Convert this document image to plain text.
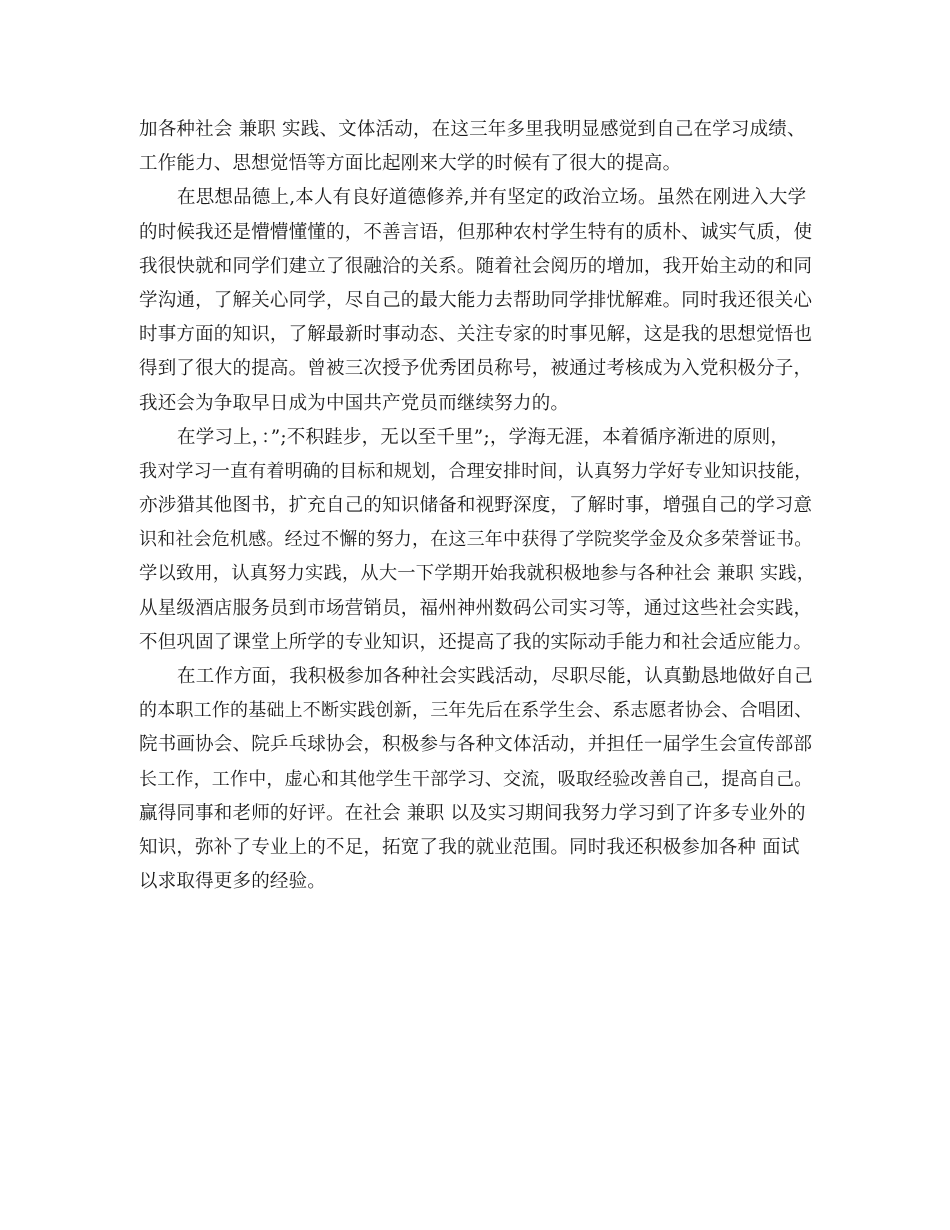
加各种社会 兼职 实践、文体活动，在这三年多里我明显感觉到自己在学习成绩、
工作能力、思想觉悟等方面比起刚来大学的时候有了很大的提高。
在思想品德上,本人有良好道德修养,并有坚定的政治立场。虽然在刚进入大学
的时候我还是懵懵懂懂的，不善言语，但那种农村学生特有的质朴、诚实气质，使
我很快就和同学们建立了很融洽的关系。随着社会阅历的增加，我开始主动的和同
学沟通，了解关心同学，尽自己的最大能力去帮助同学排忧解难。同时我还很关心
时事方面的知识，了解最新时事动态、关注专家的时事见解，这是我的思想觉悟也
得到了很大的提高。曾被三次授予优秀团员称号，被通过考核成为入党积极分子，
我还会为争取早日成为中国共产党员而继续努力的。
在学习上，：”;不积跬步，无以至千里”;，学海无涯，本着循序渐进的原则，
我对学习一直有着明确的目标和规划，合理安排时间，认真努力学好专业知识技能，
亦涉猎其他图书，扩充自己的知识储备和视野深度，了解时事，增强自己的学习意
识和社会危机感。经过不懈的努力，在这三年中获得了学院奖学金及众多荣誉证书。
学以致用，认真努力实践，从大一下学期开始我就积极地参与各种社会 兼职 实践，
从星级酒店服务员到市场营销员，福州神州数码公司实习等，通过这些社会实践，
不但巩固了课堂上所学的专业知识，还提高了我的实际动手能力和社会适应能力。
在工作方面，我积极参加各种社会实践活动，尽职尽能，认真勤恳地做好自己
的本职工作的基础上不断实践创新，三年先后在系学生会、系志愿者协会、合唱团、
院书画协会、院乒乓球协会，积极参与各种文体活动，并担任一届学生会宣传部部
长工作，工作中，虚心和其他学生干部学习、交流，吸取经验改善自己，提高自己。
赢得同事和老师的好评。在社会 兼职 以及实习期间我努力学习到了许多专业外的
知识，弥补了专业上的不足，拓宽了我的就业范围。同时我还积极参加各种 面试
以求取得更多的经验。
